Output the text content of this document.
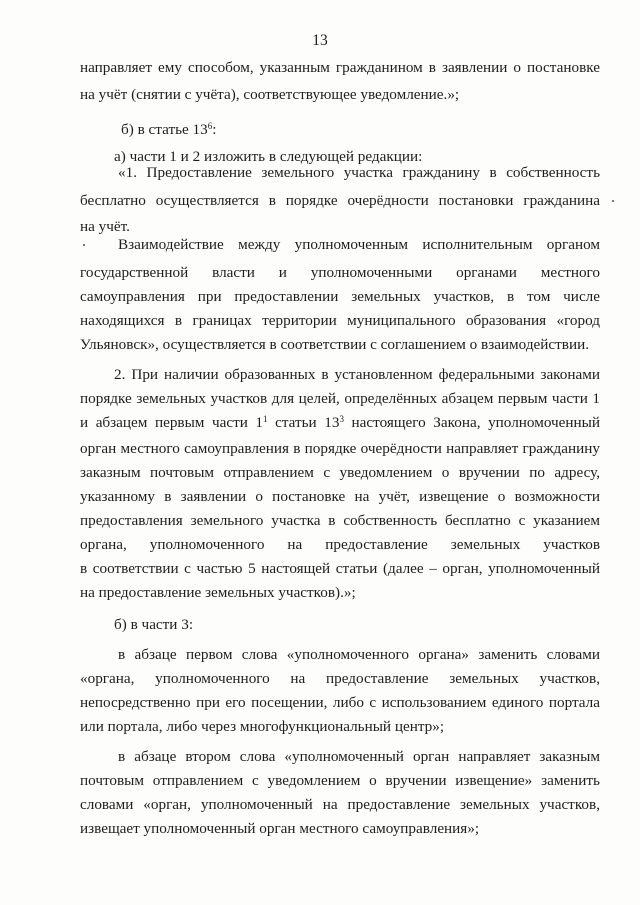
13
направляет ему способом, указанным гражданином в заявлении о постановке
на учёт (снятии с учёта), соответствующее уведомление.»;
б) в статье $13^6$:
а) части 1 и 2 изложить в следующей редакции:
«1. Предоставление земельного участка гражданину в собственность
бесплатно осуществляется в порядке очерёдности постановки гражданина
на учёт.
Взаимодействие между уполномоченным исполнительным органом
государственной власти и уполномоченными органами местного
самоуправления при предоставлении земельных участков, в том числе
находящихся в границах территории муниципального образования «город
Ульяновск», осуществляется в соответствии с соглашением о взаимодействии.
2. При наличии образованных в установленном федеральными законами
порядке земельных участков для целей, определённых абзацем первым части 1
и абзацем первым части $1^1$ статьи $13^3$ настоящего Закона, уполномоченный
орган местного самоуправления в порядке очерёдности направляет гражданину
заказным почтовым отправлением с уведомлением о вручении по адресу,
указанному в заявлении о постановке на учёт, извещение о возможности
предоставления земельного участка в собственность бесплатно с указанием
органа, уполномоченного на предоставление земельных участков
в соответствии с частью 5 настоящей статьи (далее – орган, уполномоченный
на предоставление земельных участков).»;
б) в части 3:
в абзаце первом слова «уполномоченного органа» заменить словами
«органа, уполномоченного на предоставление земельных участков,
непосредственно при его посещении, либо с использованием единого портала
или портала, либо через многофункциональный центр»;
в абзаце втором слова «уполномоченный орган направляет заказным
почтовым отправлением с уведомлением о вручении извещение» заменить
словами «орган, уполномоченный на предоставление земельных участков,
извещает уполномоченный орган местного самоуправления»;
